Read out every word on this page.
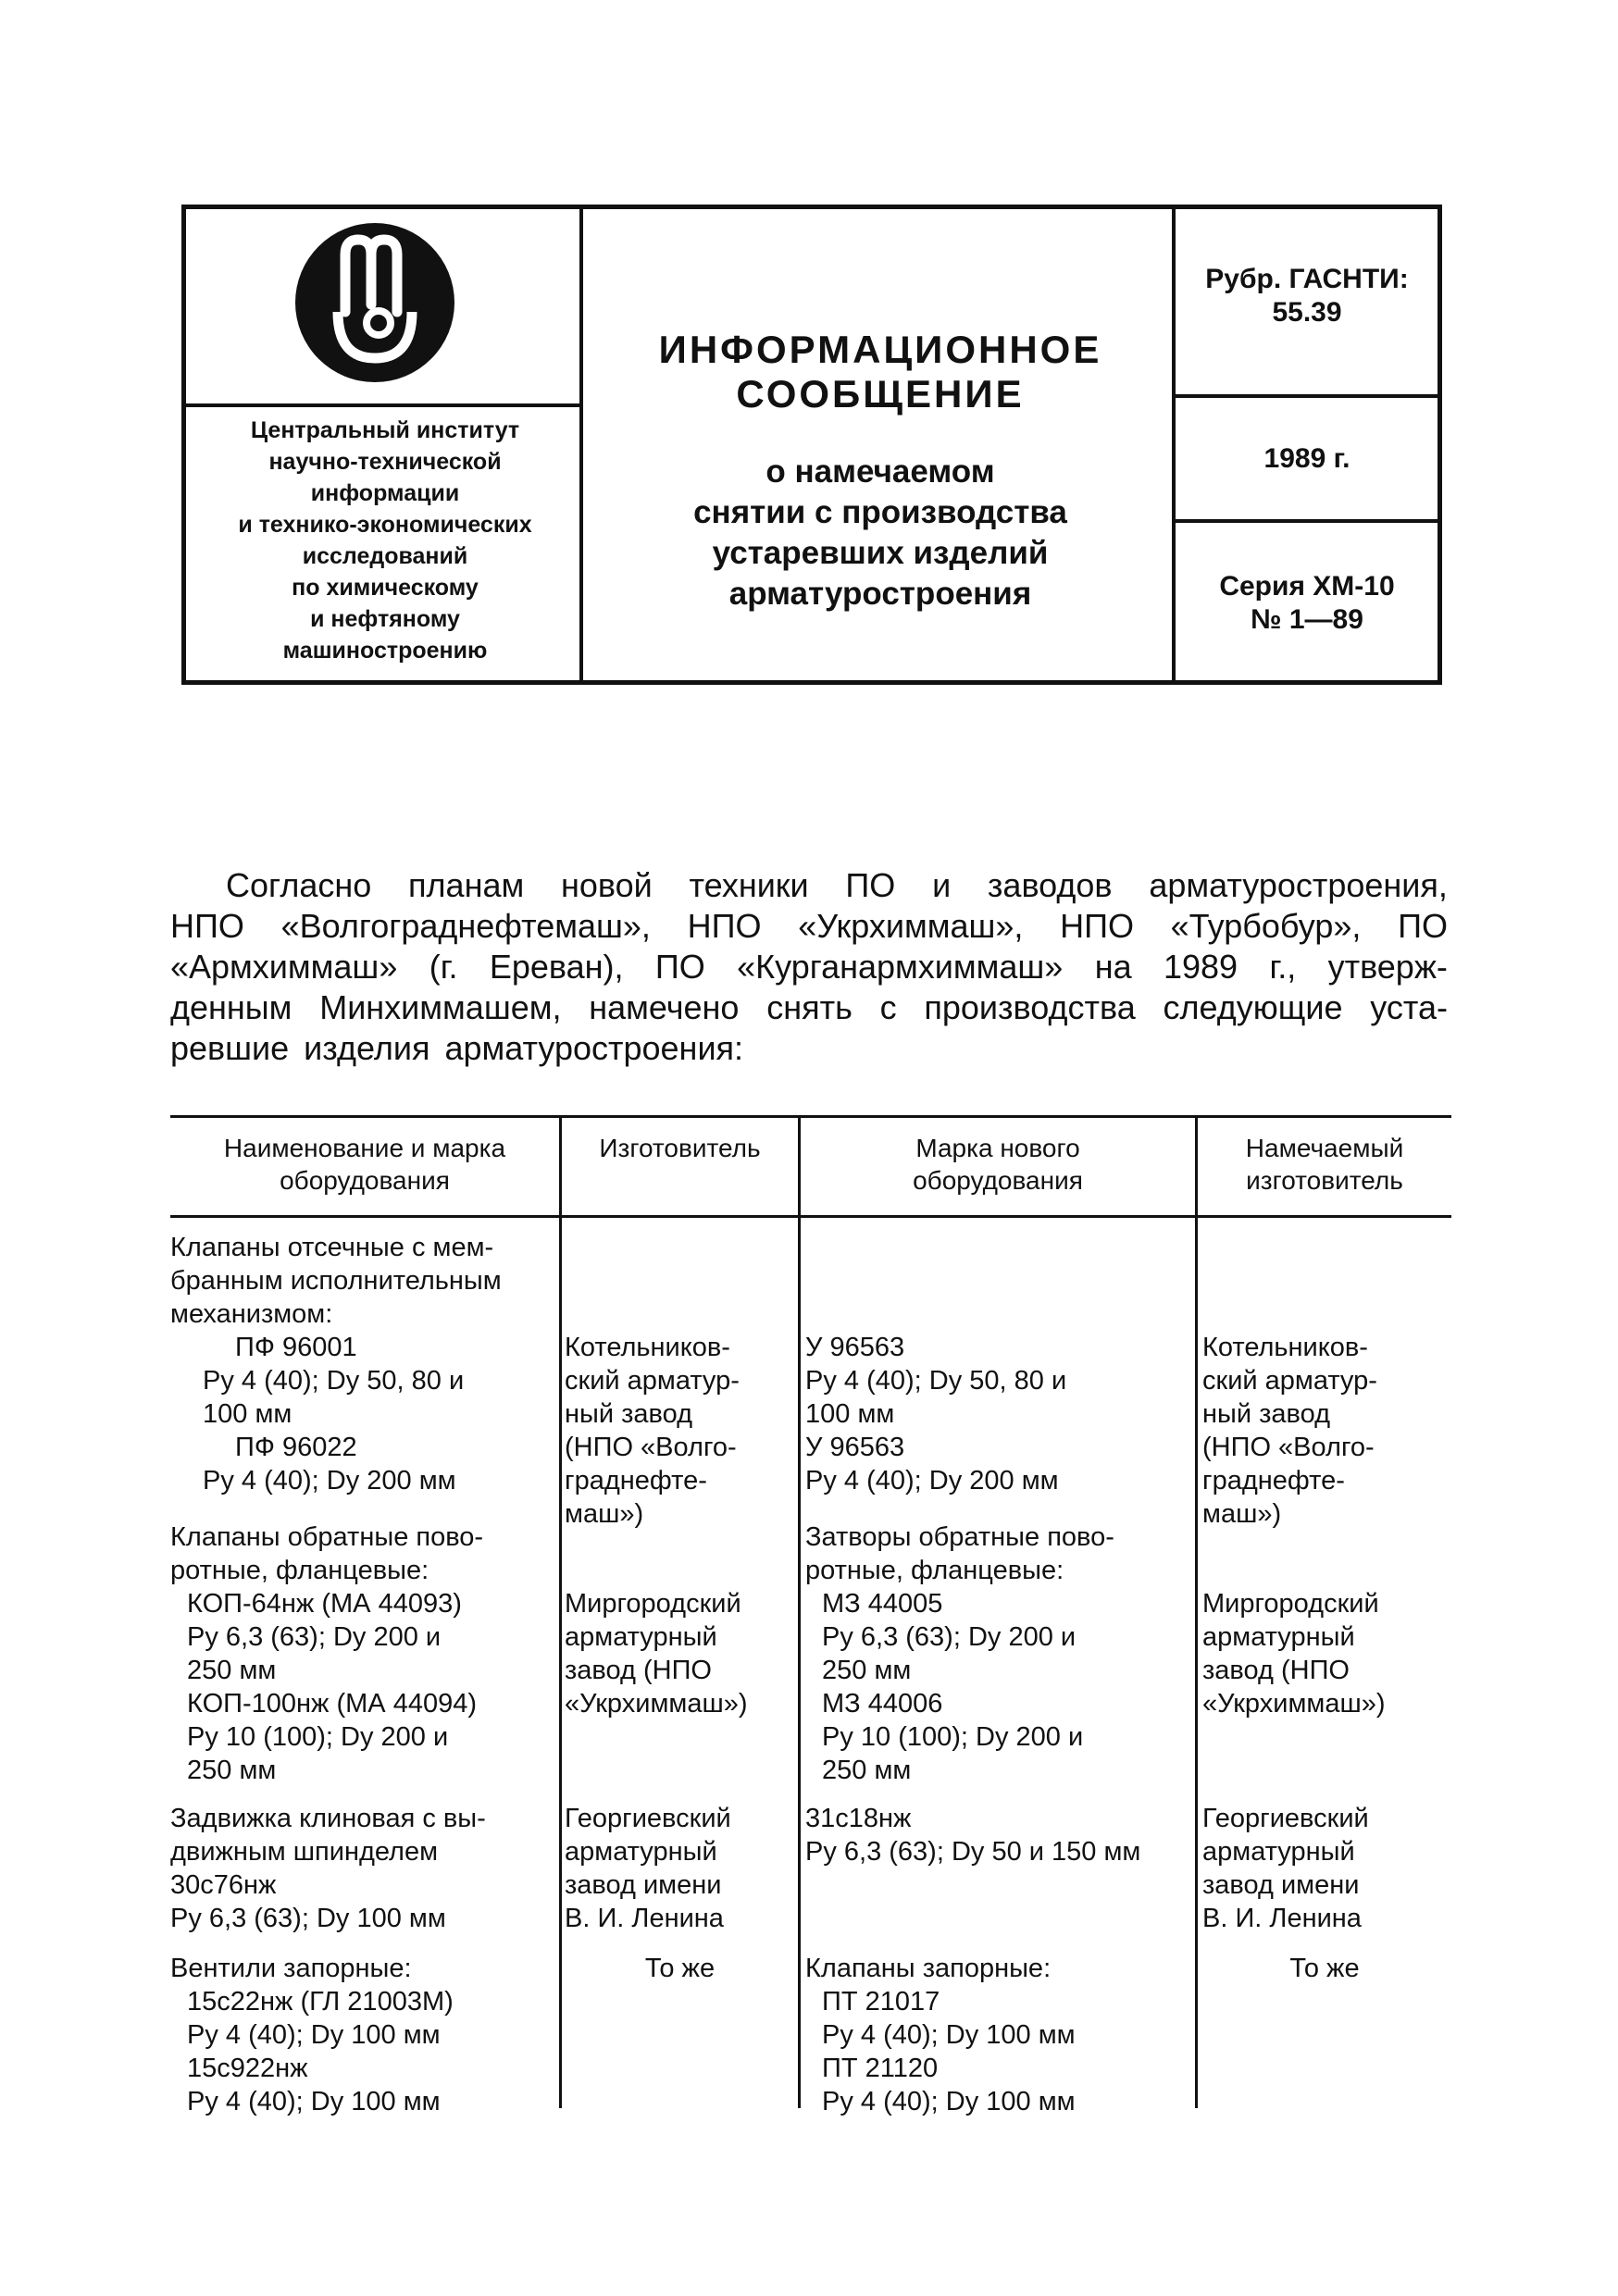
Центральный институт
научно-технической
информации
и технико-экономических
исследований
по химическому
и нефтяному
машиностроению
ИНФОРМАЦИОННОЕ
СООБЩЕНИЕ
о намечаемом
снятии с производства
устаревших изделий
арматуростроения
Рубр. ГАСНТИ:
55.39
1989 г.
Серия ХМ-10
№ 1—89
Согласно планам новой техники ПО и заводов арматуростроения,
НПО «Волгограднефтемаш», НПО «Укрхиммаш», НПО «Турбобур», ПО
«Армхиммаш» (г. Ереван), ПО «Курганармхиммаш» на 1989 г., утверж-
денным Минхиммашем, намечено снять с производства следующие уста-
ревшие изделия арматуростроения:
Наименование и марка
оборудования
Изготовитель	Марка нового
оборудования
Намечаемый
изготовитель
Клапаны отсечные с мем-
бранным исполнительным
механизмом:
ПФ 96001
Pу 4 (40); Dу 50, 80 и
100 мм
ПФ 96022
Pу 4 (40); Dу 200 мм
Котельников-
ский арматур-
ный завод
(НПО «Волго-
граднефте-
маш»)
У 96563
Pу 4 (40); Dу 50, 80 и
100 мм
У 96563
Pу 4 (40); Dу 200 мм
Котельников-
ский арматур-
ный завод
(НПО «Волго-
граднефте-
маш»)
Клапаны обратные пово-
ротные, фланцевые:
КОП-64нж (МА 44093)
Pу 6,3 (63); Dу 200 и
250 мм
КОП-100нж (МА 44094)
Pу 10 (100); Dу 200 и
250 мм
Миргородский
арматурный
завод (НПО
«Укрхиммаш»)
Затворы обратные пово-
ротные, фланцевые:
МЗ 44005
Pу 6,3 (63); Dу 200 и
250 мм
МЗ 44006
Pу 10 (100); Dу 200 и
250 мм
Миргородский
арматурный
завод (НПО
«Укрхиммаш»)
Задвижка клиновая с вы-
движным шпинделем
30с76нж
Pу 6,3 (63); Dу 100 мм
Георгиевский
арматурный
завод имени
В. И. Ленина
31с18нж
Pу 6,3 (63); Dу 50 и 150 мм
Георгиевский
арматурный
завод имени
В. И. Ленина
Вентили запорные:
15с22нж (ГЛ 21003М)
Pу 4 (40); Dу 100 мм
15с922нж
Pу 4 (40); Dу 100 мм
То же	Клапаны запорные:
ПТ 21017
Pу 4 (40); Dу 100 мм
ПТ 21120
Pу 4 (40); Dу 100 мм
То же
